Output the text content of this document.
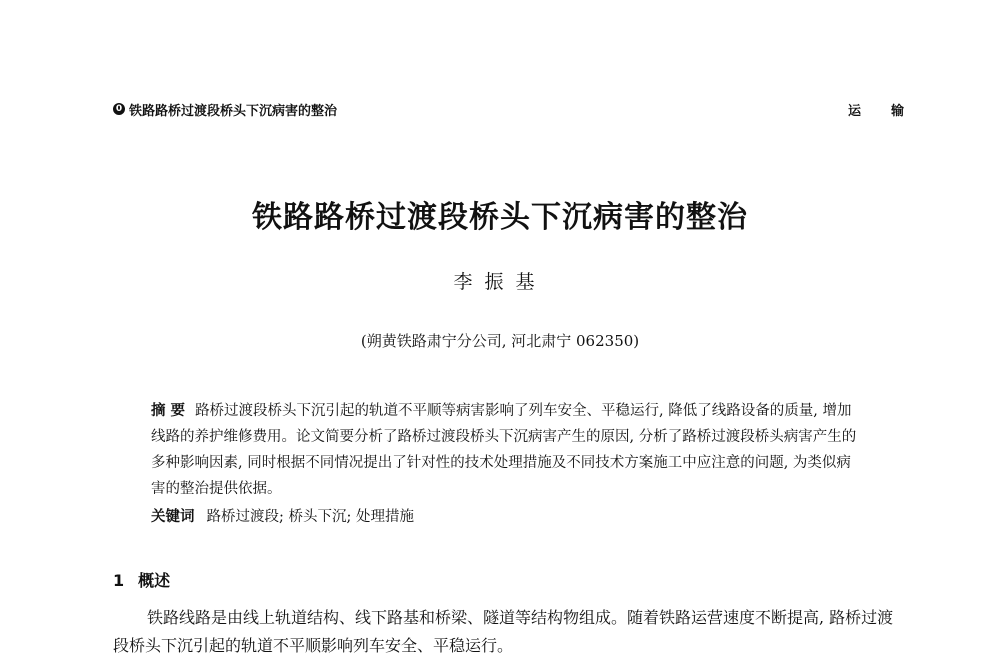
0 铁路路桥过渡段桥头下沉病害的整治	运输
铁路路桥过渡段桥头下沉病害的整治
李振基
(朔黄铁路肃宁分公司, 河北肃宁 062350)
摘 要 路桥过渡段桥头下沉引起的轨道不平顺等病害影响了列车安全、平稳运行, 降低了线路设备的质量, 增加线路的养护维修费用。论文简要分析了路桥过渡段桥头下沉病害产生的原因, 分析了路桥过渡段桥头病害产生的多种影响因素, 同时根据不同情况提出了针对性的技术处理措施及不同技术方案施工中应注意的问题, 为类似病害的整治提供依据。
关键词 路桥过渡段; 桥头下沉; 处理措施
1 概述
铁路线路是由线上轨道结构、线下路基和桥梁、隧道等结构物组成。随着铁路运营速度不断提高, 路桥过渡段桥头下沉引起的轨道不平顺影响列车安全、平稳运行。
